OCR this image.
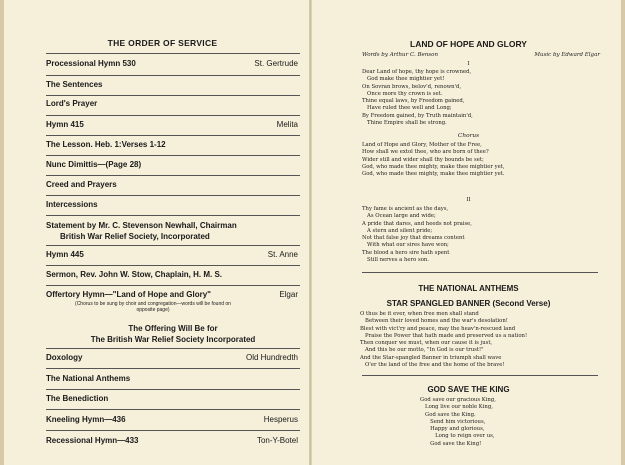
THE ORDER OF SERVICE
Processional Hymn 530	St. Gertrude
The Sentences
Lord's Prayer
Hymn 415	Melita
The Lesson. Heb. 1:Verses 1-12
Nunc Dimittis—(Page 28)
Creed and Prayers
Intercessions
Statement by Mr. C. Stevenson Newhall, Chairman
British War Relief Society, Incorporated
Hymn 445	St. Anne
Sermon, Rev. John W. Stow, Chaplain, H. M. S.
Offertory Hymn—"Land of Hope and Glory"	Elgar
(Chorus to be sung by choir and congregation—words will be found on
opposite page)
The Offering Will Be for
The British War Relief Society Incorporated
Doxology	Old Hundredth
The National Anthems
The Benediction
Kneeling Hymn—436	Hesperus
Recessional Hymn—433	Ton-Y-Botel
LAND OF HOPE AND GLORY
Words by Arthur C. Benson	Music by Edward Elgar
I
Dear Land of hope, thy hope is crowned,
God make thee mightier yet!
On Sovran brows, belov'd, renown'd,
Once more thy crown is set.
Thine equal laws, by Freedom gained,
Have ruled thee well and Long;
By Freedom gained, by Truth maintain'd,
Thine Empire shall be strong.
Chorus
Land of Hope and Glory, Mother of the Free,
How shall we extol thee, who are born of thee?
Wider still and wider shall thy bounds be set;
God, who made thee mighty, make thee mightier yet,
God, who made thee mighty, make thee mightier yet.
II
Thy fame is ancient as the days,
As Ocean large and wide;
A pride that dares, and heeds not praise,
A stern and silent pride;
Not that false joy that dreams content
With what our sires have won;
The blood a hero sire hath spent
Still nerves a hero son.
THE NATIONAL ANTHEMS
STAR SPANGLED BANNER (Second Verse)
O thus be it ever, when free men shall stand
Between their loved homes and the war's desolation!
Blest with vict'ry and peace, may the heav'n-rescued land
Praise the Power that hath made and preserved us a nation!
Then conquer we must, when our cause it is just,
And this be our motto, "In God is our trust!"
And the Star-spangled Banner in triumph shall wave
O'er the land of the free and the home of the brave!
GOD SAVE THE KING
God save our gracious King,
Long live our noble King,
God save the King.
Send him victorious,
Happy and glorious,
Long to reign over us,
God save the King!
